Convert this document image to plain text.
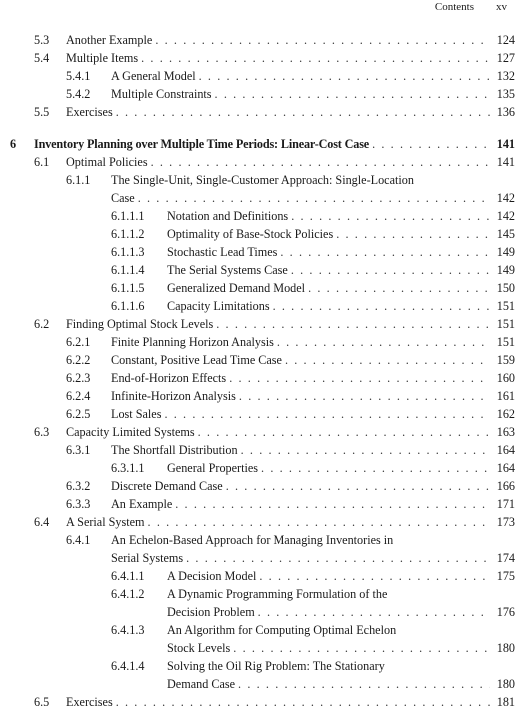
Contents xv
5.3 Another Example . . .	124
5.4 Multiple Items . . .	127
5.4.1 A General Model . . .	132
5.4.2 Multiple Constraints . . .	135
5.5 Exercises . . .	136
6 Inventory Planning over Multiple Time Periods: Linear-Cost Case . . .	141
6.1 Optimal Policies . . .	141
6.1.1 The Single-Unit, Single-Customer Approach: Single-Location
Case . . .	142
6.1.1.1 Notation and Definitions . . .	142
6.1.1.2 Optimality of Base-Stock Policies . . .	145
6.1.1.3 Stochastic Lead Times . . .	149
6.1.1.4 The Serial Systems Case . . .	149
6.1.1.5 Generalized Demand Model . . .	150
6.1.1.6 Capacity Limitations . . .	151
6.2 Finding Optimal Stock Levels . . .	151
6.2.1 Finite Planning Horizon Analysis . . .	151
6.2.2 Constant, Positive Lead Time Case . . .	159
6.2.3 End-of-Horizon Effects . . .	160
6.2.4 Infinite-Horizon Analysis . . .	161
6.2.5 Lost Sales . . .	162
6.3 Capacity Limited Systems . . .	163
6.3.1 The Shortfall Distribution . . .	164
6.3.1.1 General Properties . . .	164
6.3.2 Discrete Demand Case . . .	166
6.3.3 An Example . . .	171
6.4 A Serial System . . .	173
6.4.1 An Echelon-Based Approach for Managing Inventories in
Serial Systems . . .	174
6.4.1.1 A Decision Model . . .	175
6.4.1.2 A Dynamic Programming Formulation of the
Decision Problem . . .	176
6.4.1.3 An Algorithm for Computing Optimal Echelon
Stock Levels . . .	180
6.4.1.4 Solving the Oil Rig Problem: The Stationary
Demand Case . . .	180
6.5 Exercises . . .	181
